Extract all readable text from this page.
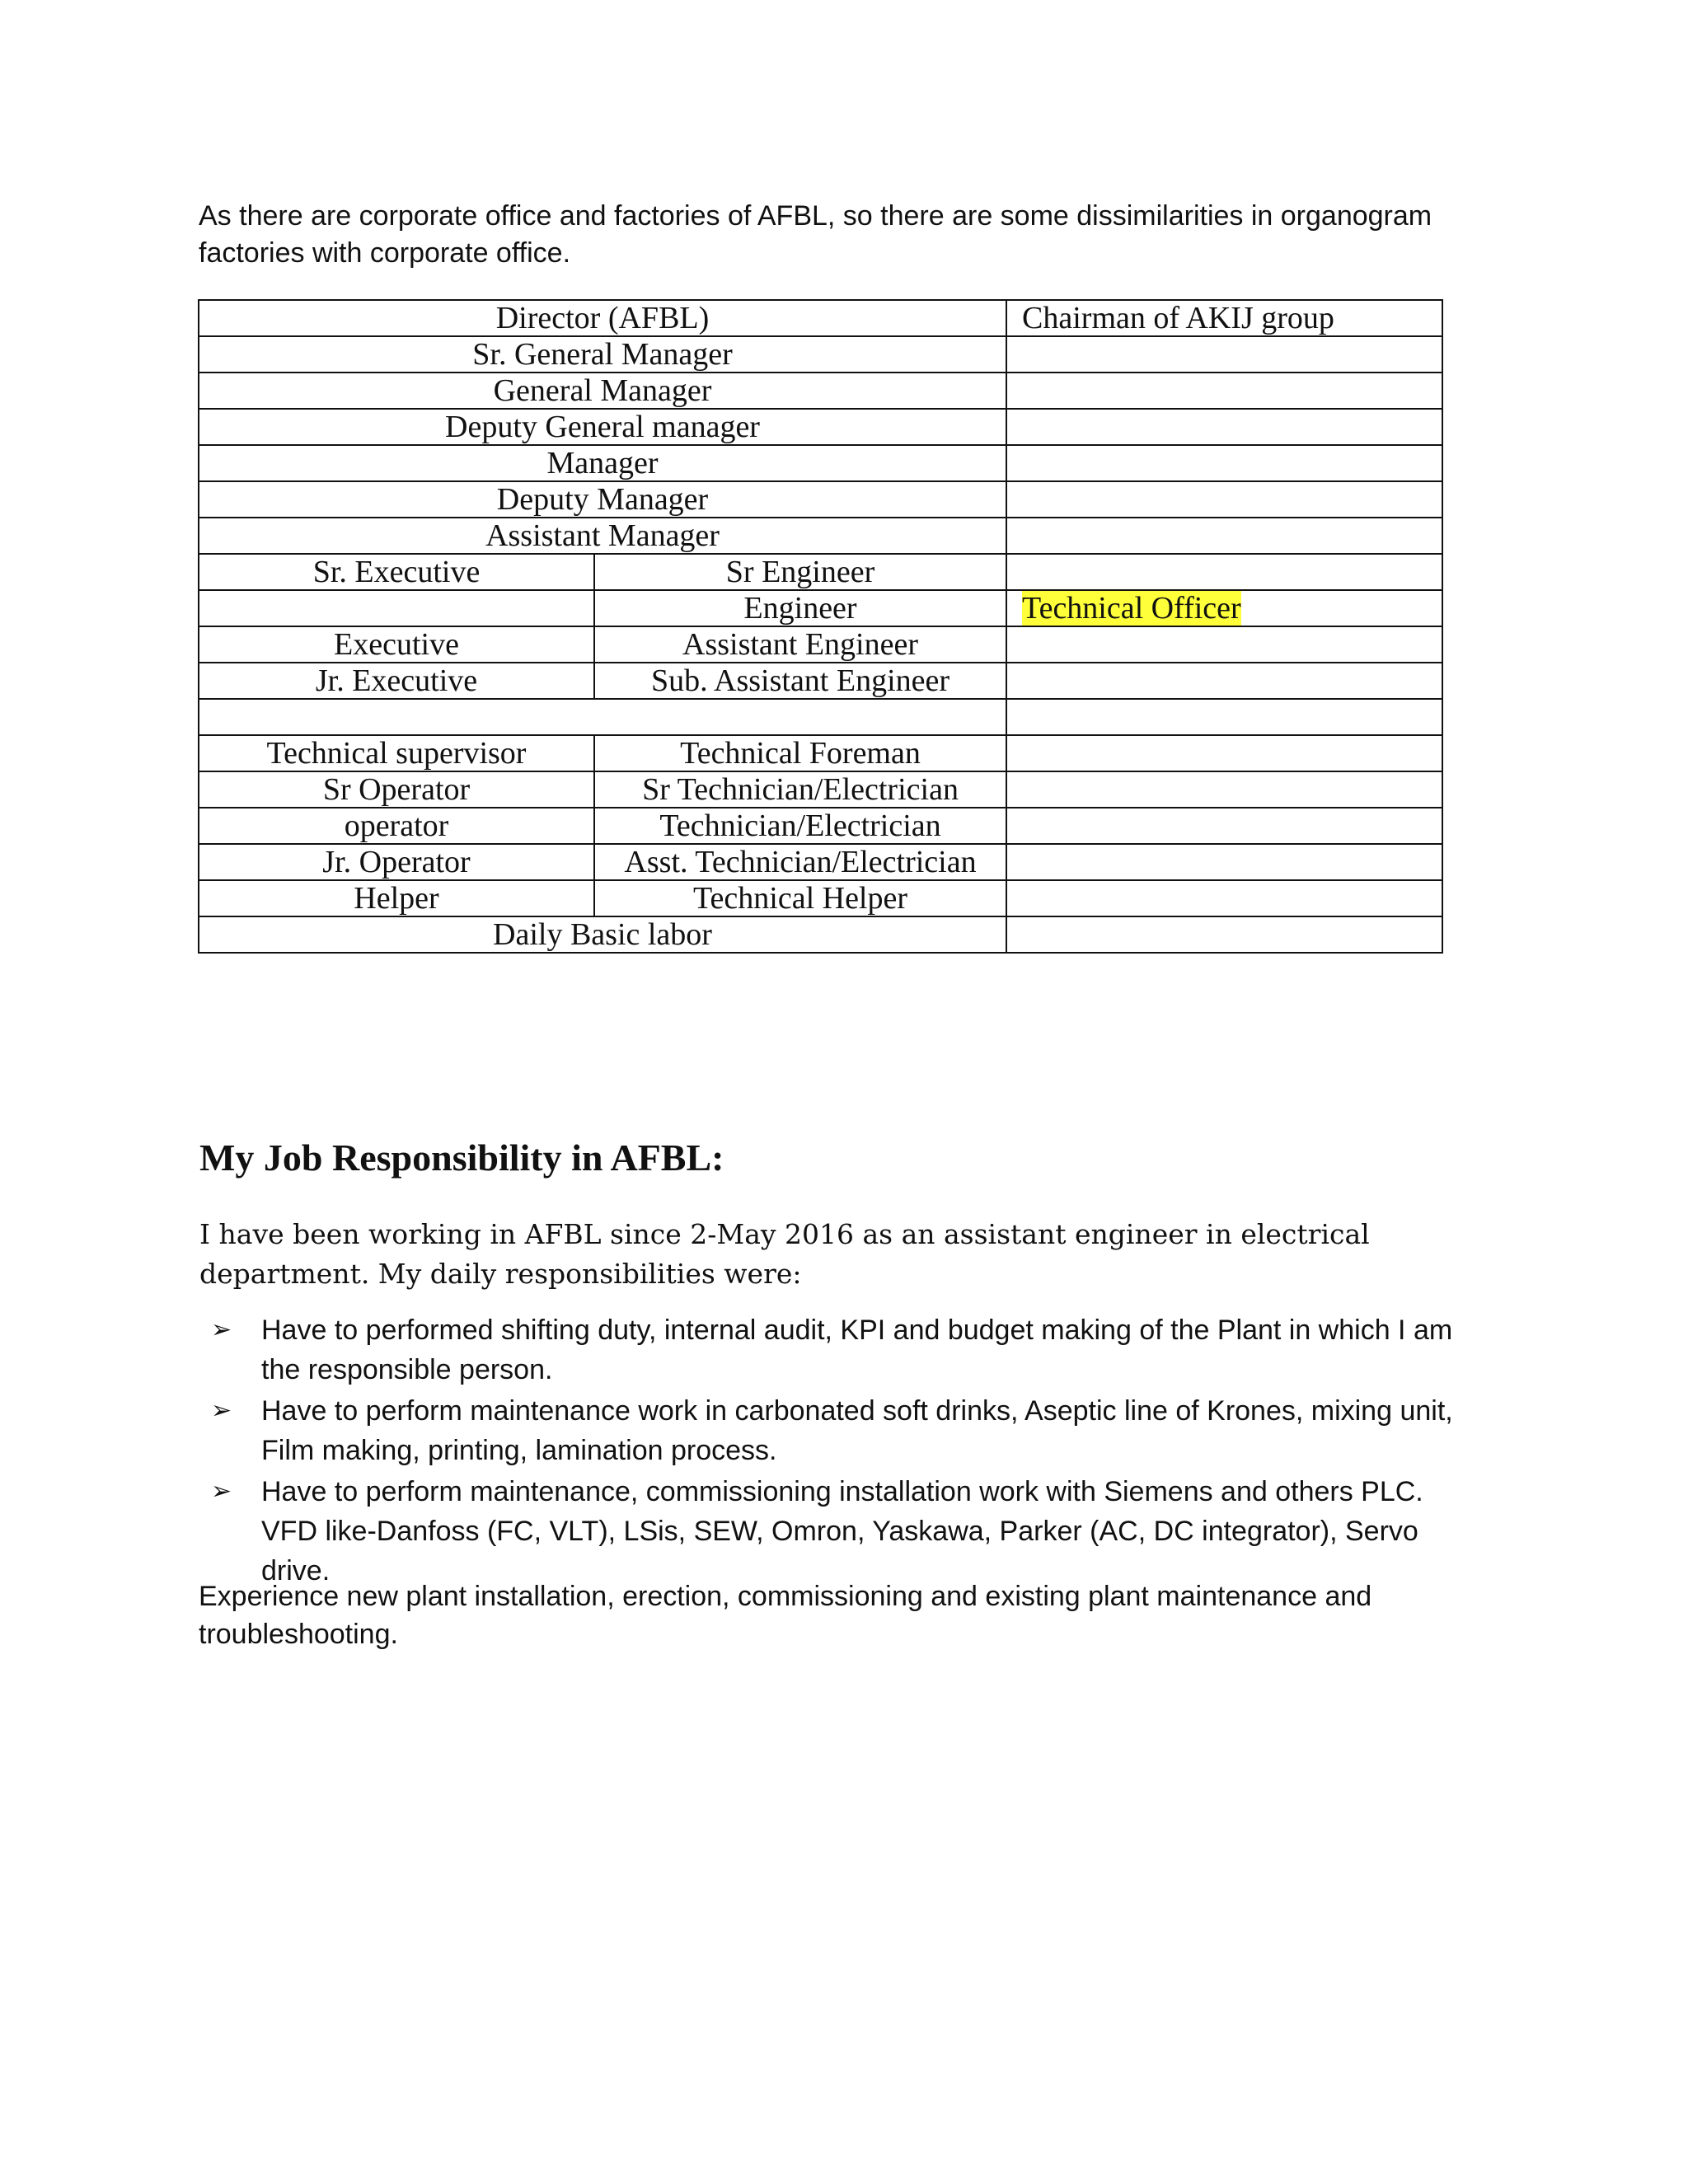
As there are corporate office and factories of AFBL, so there are some dissimilarities in organogram factories with corporate office.

Director (AFBL)		Chairman of AKIJ group
Sr. General Manager		
General Manager		
Deputy General manager		
Manager		
Deputy Manager		
Assistant Manager		
Sr. Executive	Sr Engineer	
	Engineer	Technical Officer
Executive	Assistant Engineer	
Jr. Executive	Sub. Assistant Engineer	

Technical supervisor	Technical Foreman	
Sr Operator	Sr Technician/Electrician	
operator	Technician/Electrician	
Jr. Operator	Asst. Technician/Electrician	
Helper	Technical Helper	
Daily Basic labor		
My Job Responsibility in AFBL:

I have been working in AFBL since 2-May 2016 as an assistant engineer in electrical department. My daily responsibilities were:

➢ Have to performed shifting duty, internal audit, KPI and budget making of the Plant in which I am the responsible person.
➢ Have to perform maintenance work in carbonated soft drinks, Aseptic line of Krones, mixing unit, Film making, printing, lamination process.
➢ Have to perform maintenance, commissioning installation work with Siemens and others PLC. VFD like-Danfoss (FC, VLT), LSis, SEW, Omron, Yaskawa, Parker (AC, DC integrator), Servo drive.

Experience new plant installation, erection, commissioning and existing plant maintenance and troubleshooting.
